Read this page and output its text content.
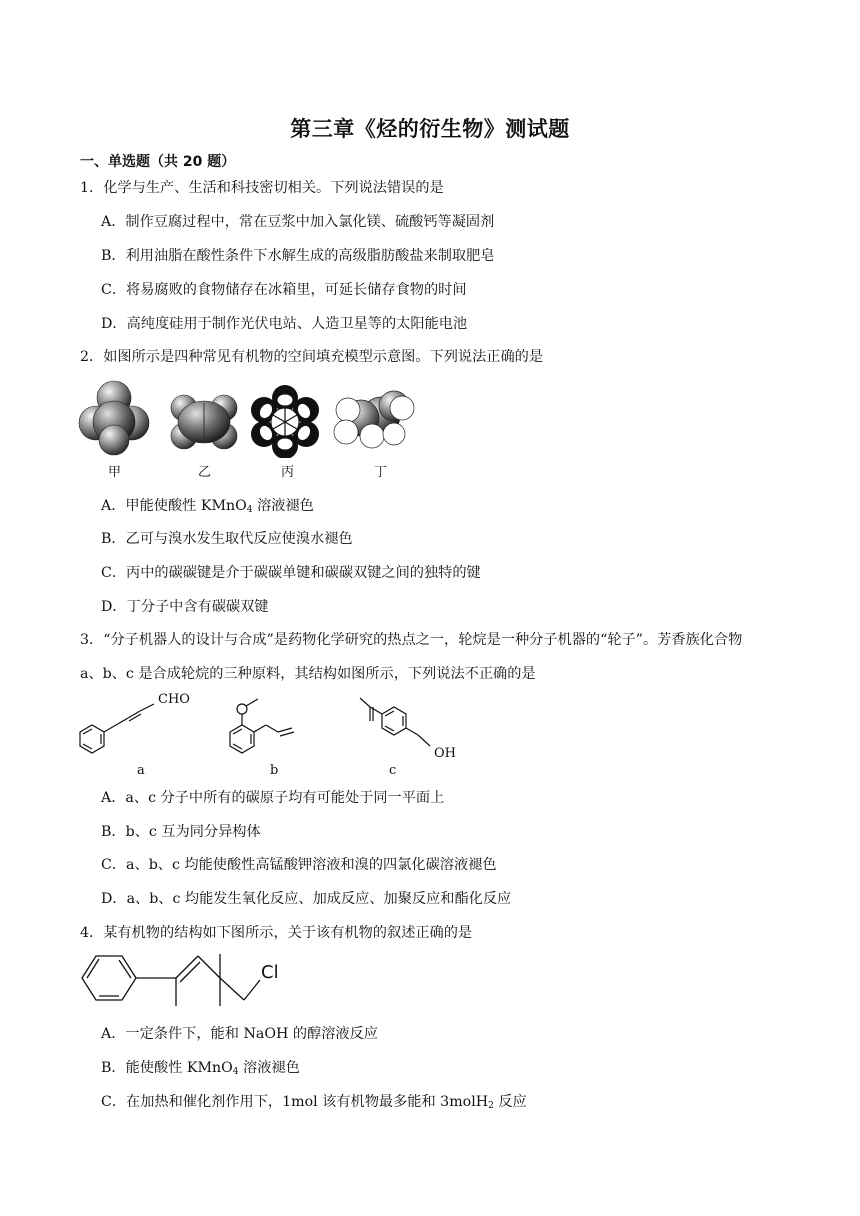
第三章《烃的衍生物》测试题
一、单选题（共 20 题）
1．化学与生产、生活和科技密切相关。下列说法错误的是
A．制作豆腐过程中，常在豆浆中加入氯化镁、硫酸钙等凝固剂
B．利用油脂在酸性条件下水解生成的高级脂肪酸盐来制取肥皂
C．将易腐败的食物储存在冰箱里，可延长储存食物的时间
D．高纯度硅用于制作光伏电站、人造卫星等的太阳能电池
2．如图所示是四种常见有机物的空间填充模型示意图。下列说法正确的是
甲	乙	丙	丁
A．甲能使酸性 KMnO$_4$ 溶液褪色
B．乙可与溴水发生取代反应使溴水褪色
C．丙中的碳碳键是介于碳碳单键和碳碳双键之间的独特的键
D．丁分子中含有碳碳双键
3．“分子机器人的设计与合成”是药物化学研究的热点之一，轮烷是一种分子机器的“轮子”。芳香族化合物
a、b、c 是合成轮烷的三种原料，其结构如图所示，下列说法不正确的是
CHO
OH
a	b	c
A．a、c 分子中所有的碳原子均有可能处于同一平面上
B．b、c 互为同分异构体
C．a、b、c 均能使酸性高锰酸钾溶液和溴的四氯化碳溶液褪色
D．a、b、c 均能发生氧化反应、加成反应、加聚反应和酯化反应
4．某有机物的结构如下图所示，关于该有机物的叙述正确的是
Cl
A．一定条件下，能和 NaOH 的醇溶液反应
B．能使酸性 KMnO$_4$ 溶液褪色
C．在加热和催化剂作用下，1mol 该有机物最多能和 3molH$_2$ 反应
